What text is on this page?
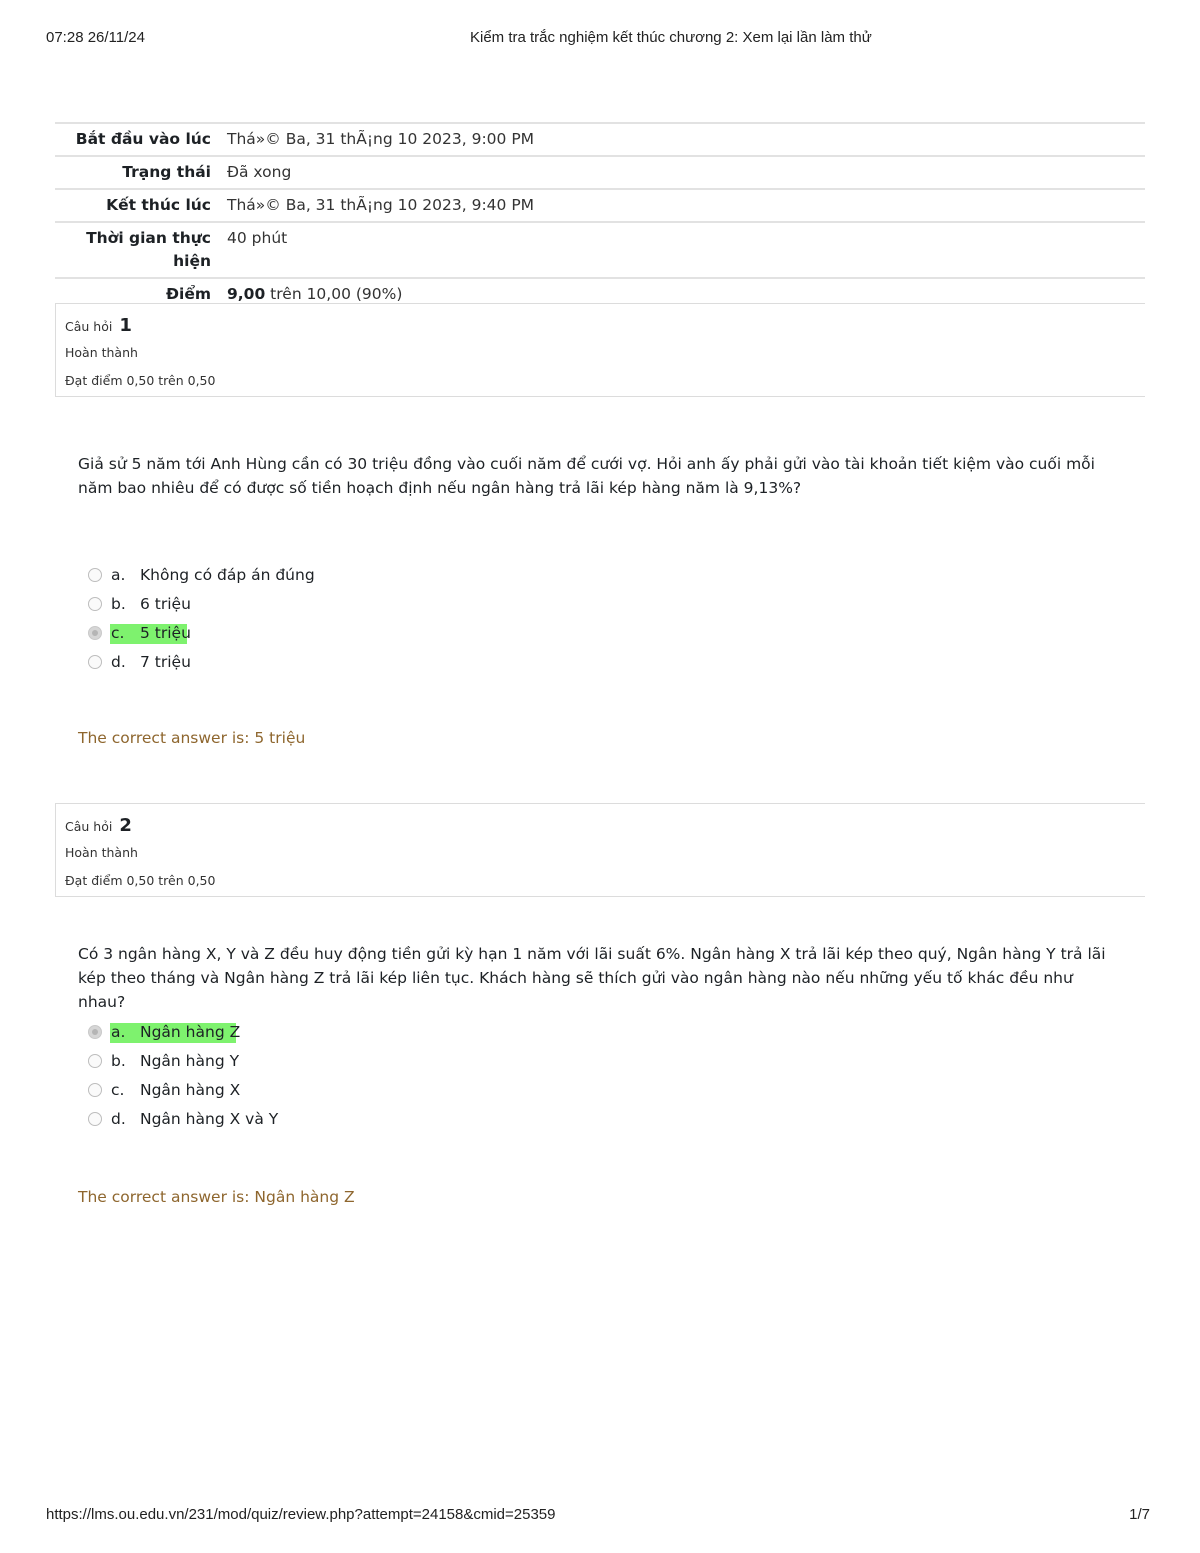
07:28 26/11/24	Kiểm tra trắc nghiệm kết thúc chương 2: Xem lại lần làm thử
Bắt đầu vào lúc	Thá»© Ba, 31 thÃ¡ng 10 2023, 9:00 PM
Trạng thái	Đã xong
Kết thúc lúc	Thá»© Ba, 31 thÃ¡ng 10 2023, 9:40 PM
Thời gian thực hiện	40 phút
Điểm	9,00 trên 10,00 (90%)
Câu hỏi 1
Hoàn thành
Đạt điểm 0,50 trên 0,50
Giả sử 5 năm tới Anh Hùng cần có 30 triệu đồng vào cuối năm để cưới vợ. Hỏi anh ấy phải gửi vào tài khoản tiết kiệm vào cuối mỗi năm bao nhiêu để có được số tiền hoạch định nếu ngân hàng trả lãi kép hàng năm là 9,13%?
a. Không có đáp án đúng
b. 6 triệu
c. 5 triệu
d. 7 triệu
The correct answer is: 5 triệu
Câu hỏi 2
Hoàn thành
Đạt điểm 0,50 trên 0,50
Có 3 ngân hàng X, Y và Z đều huy động tiền gửi kỳ hạn 1 năm với lãi suất 6%. Ngân hàng X trả lãi kép theo quý, Ngân hàng Y trả lãi kép theo tháng và Ngân hàng Z trả lãi kép liên tục. Khách hàng sẽ thích gửi vào ngân hàng nào nếu những yếu tố khác đều như nhau?
a. Ngân hàng Z
b. Ngân hàng Y
c. Ngân hàng X
d. Ngân hàng X và Y
The correct answer is: Ngân hàng Z
https://lms.ou.edu.vn/231/mod/quiz/review.php?attempt=24158&cmid=25359	1/7
